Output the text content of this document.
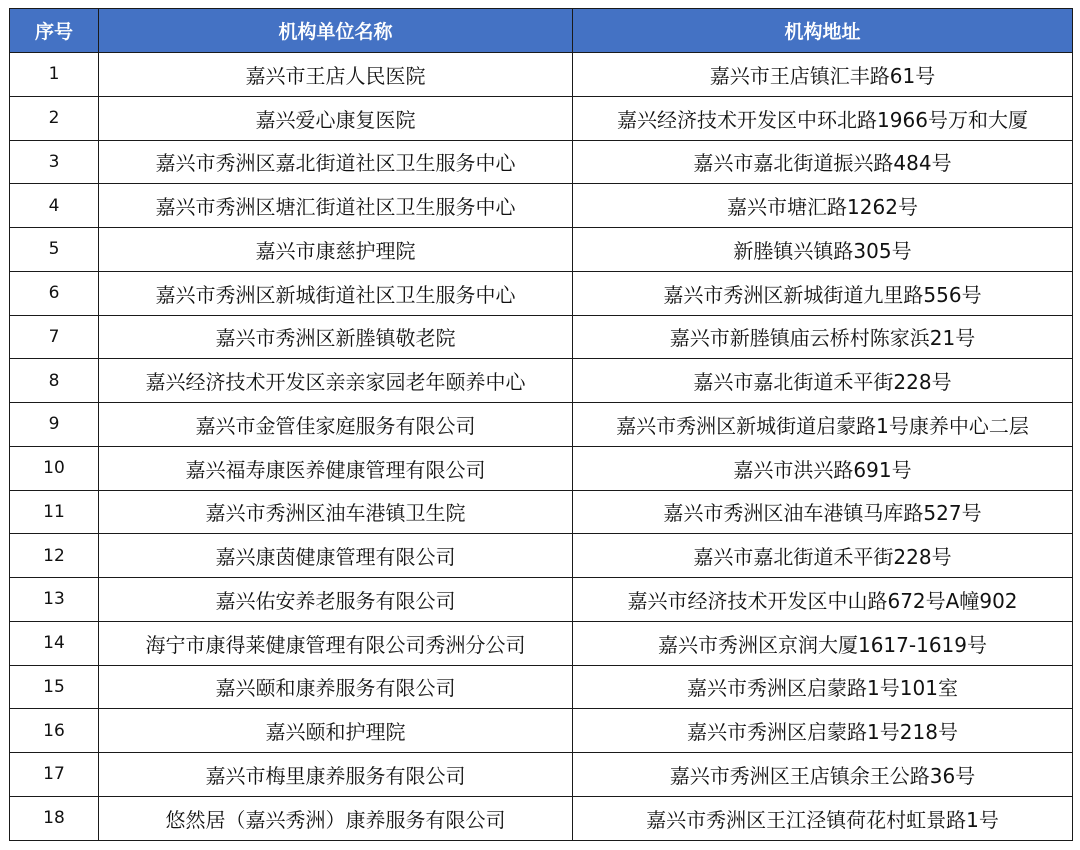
序号	机构单位名称	机构地址
1	嘉兴市王店人民医院	嘉兴市王店镇汇丰路61号
2	嘉兴爱心康复医院	嘉兴经济技术开发区中环北路1966号万和大厦
3	嘉兴市秀洲区嘉北街道社区卫生服务中心	嘉兴市嘉北街道振兴路484号
4	嘉兴市秀洲区塘汇街道社区卫生服务中心	嘉兴市塘汇路1262号
5	嘉兴市康慈护理院	新塍镇兴镇路305号
6	嘉兴市秀洲区新城街道社区卫生服务中心	嘉兴市秀洲区新城街道九里路556号
7	嘉兴市秀洲区新塍镇敬老院	嘉兴市新塍镇庙云桥村陈家浜21号
8	嘉兴经济技术开发区亲亲家园老年颐养中心	嘉兴市嘉北街道禾平街228号
9	嘉兴市金管佳家庭服务有限公司	嘉兴市秀洲区新城街道启蒙路1号康养中心二层
10	嘉兴福寿康医养健康管理有限公司	嘉兴市洪兴路691号
11	嘉兴市秀洲区油车港镇卫生院	嘉兴市秀洲区油车港镇马库路527号
12	嘉兴康茵健康管理有限公司	嘉兴市嘉北街道禾平街228号
13	嘉兴佑安养老服务有限公司	嘉兴市经济技术开发区中山路672号A幢902
14	海宁市康得莱健康管理有限公司秀洲分公司	嘉兴市秀洲区京润大厦1617-1619号
15	嘉兴颐和康养服务有限公司	嘉兴市秀洲区启蒙路1号101室
16	嘉兴颐和护理院	嘉兴市秀洲区启蒙路1号218号
17	嘉兴市梅里康养服务有限公司	嘉兴市秀洲区王店镇余王公路36号
18	悠然居（嘉兴秀洲）康养服务有限公司	嘉兴市秀洲区王江泾镇荷花村虹景路1号
